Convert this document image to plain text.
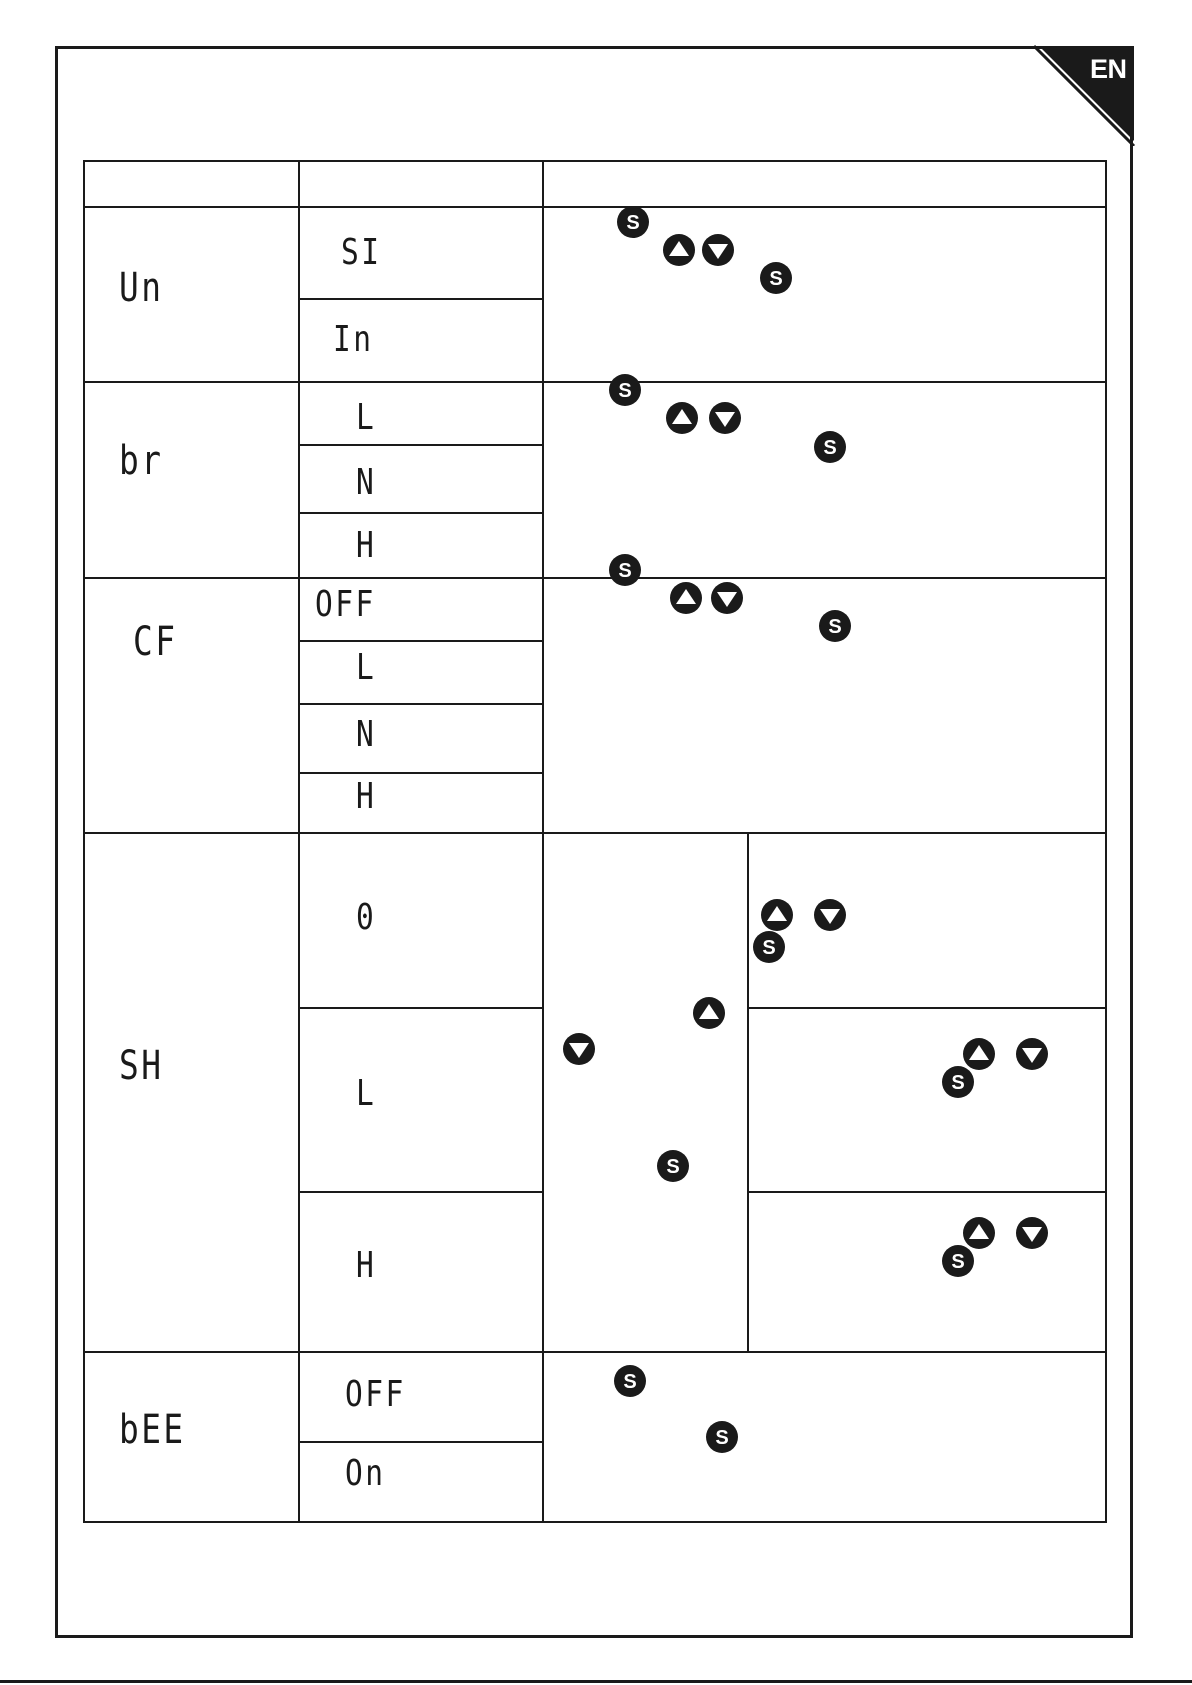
EN
Un
br
CF
SH
bEE
SI
In
L
N
H
OFF
L
N
H
0
L
H
OFF
On
S
S
S
S
S
S
S
S
S
S
S
S
